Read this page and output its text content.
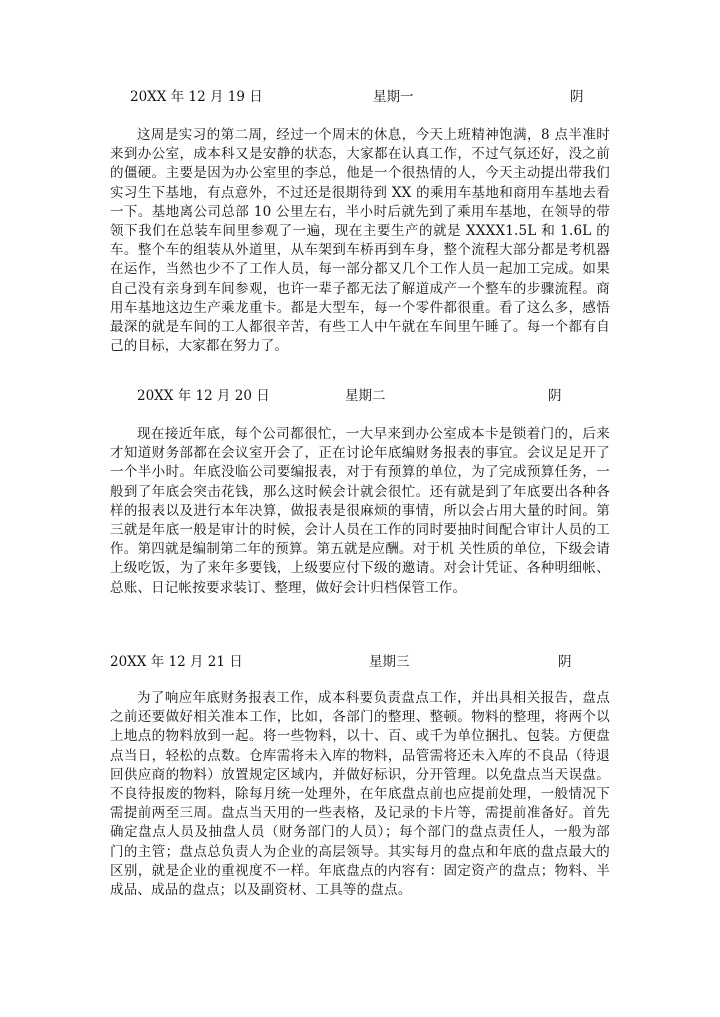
20XX 年 12 月 19 日	星期一	阴

这周是实习的第二周，经过一个周末的休息，今天上班精神饱满，8 点半准时来到办公室，成本科又是安静的状态，大家都在认真工作，不过气氛还好，没之前的僵硬。主要是因为办公室里的李总，他是一个很热情的人，今天主动提出带我们实习生下基地，有点意外，不过还是很期待到 XX 的乘用车基地和商用车基地去看一下。基地离公司总部 10 公里左右，半小时后就先到了乘用车基地，在领导的带领下我们在总装车间里参观了一遍，现在主要生产的就是 XXXX1.5L 和 1.6L 的车。整个车的组装从外道里，从车架到车桥再到车身，整个流程大部分都是考机器在运作，当然也少不了工作人员，每一部分都又几个工作人员一起加工完成。如果自己没有亲身到车间参观，也许一辈子都无法了解道成产一个整车的步骤流程。商用车基地这边生产乘龙重卡。都是大型车，每一个零件都很重。看了这么多，感悟最深的就是车间的工人都很辛苦，有些工人中午就在车间里午睡了。每一个都有自己的目标，大家都在努力了。

20XX 年 12 月 20 日	星期二	阴

现在接近年底，每个公司都很忙，一大早来到办公室成本卡是锁着门的，后来才知道财务部都在会议室开会了，正在讨论年底编财务报表的事宜。会议足足开了一个半小时。年底没临公司要编报表，对于有预算的单位，为了完成预算任务，一般到了年底会突击花钱，那么这时候会计就会很忙。还有就是到了年底要出各种各样的报表以及进行本年决算，做报表是很麻烦的事情，所以会占用大量的时间。第三就是年底一般是审计的时候，会计人员在工作的同时要抽时间配合审计人员的工作。第四就是编制第二年的预算。第五就是应酬。对于机 关性质的单位，下级会请上级吃饭，为了来年多要钱，上级要应付下级的邀请。对会计凭证、各种明细帐、总账、日记帐按要求装订、整理，做好会计归档保管工作。

20XX 年 12 月 21 日	星期三	阴

为了响应年底财务报表工作，成本科要负责盘点工作，并出具相关报告，盘点之前还要做好相关准本工作，比如，各部门的整理、整顿。物料的整理，将两个以上地点的物料放到一起。将一些物料，以十、百、或千为单位捆扎、包装。方便盘点当日，轻松的点数。仓库需将未入库的物料，品管需将还未入库的不良品（待退回供应商的物料）放置规定区域内，并做好标识，分开管理。以免盘点当天误盘。不良待报废的物料，除每月统一处理外，在年底盘点前也应提前处理，一般情况下需提前两至三周。盘点当天用的一些表格，及记录的卡片等，需提前准备好。首先确定盘点人员及抽盘人员（财务部门的人员）；每个部门的盘点责任人，一般为部门的主管；盘点总负责人为企业的高层领导。其实每月的盘点和年底的盘点最大的区别，就是企业的重视度不一样。年底盘点的内容有：固定资产的盘点；物料、半成品、成品的盘点；以及副资材、工具等的盘点。
